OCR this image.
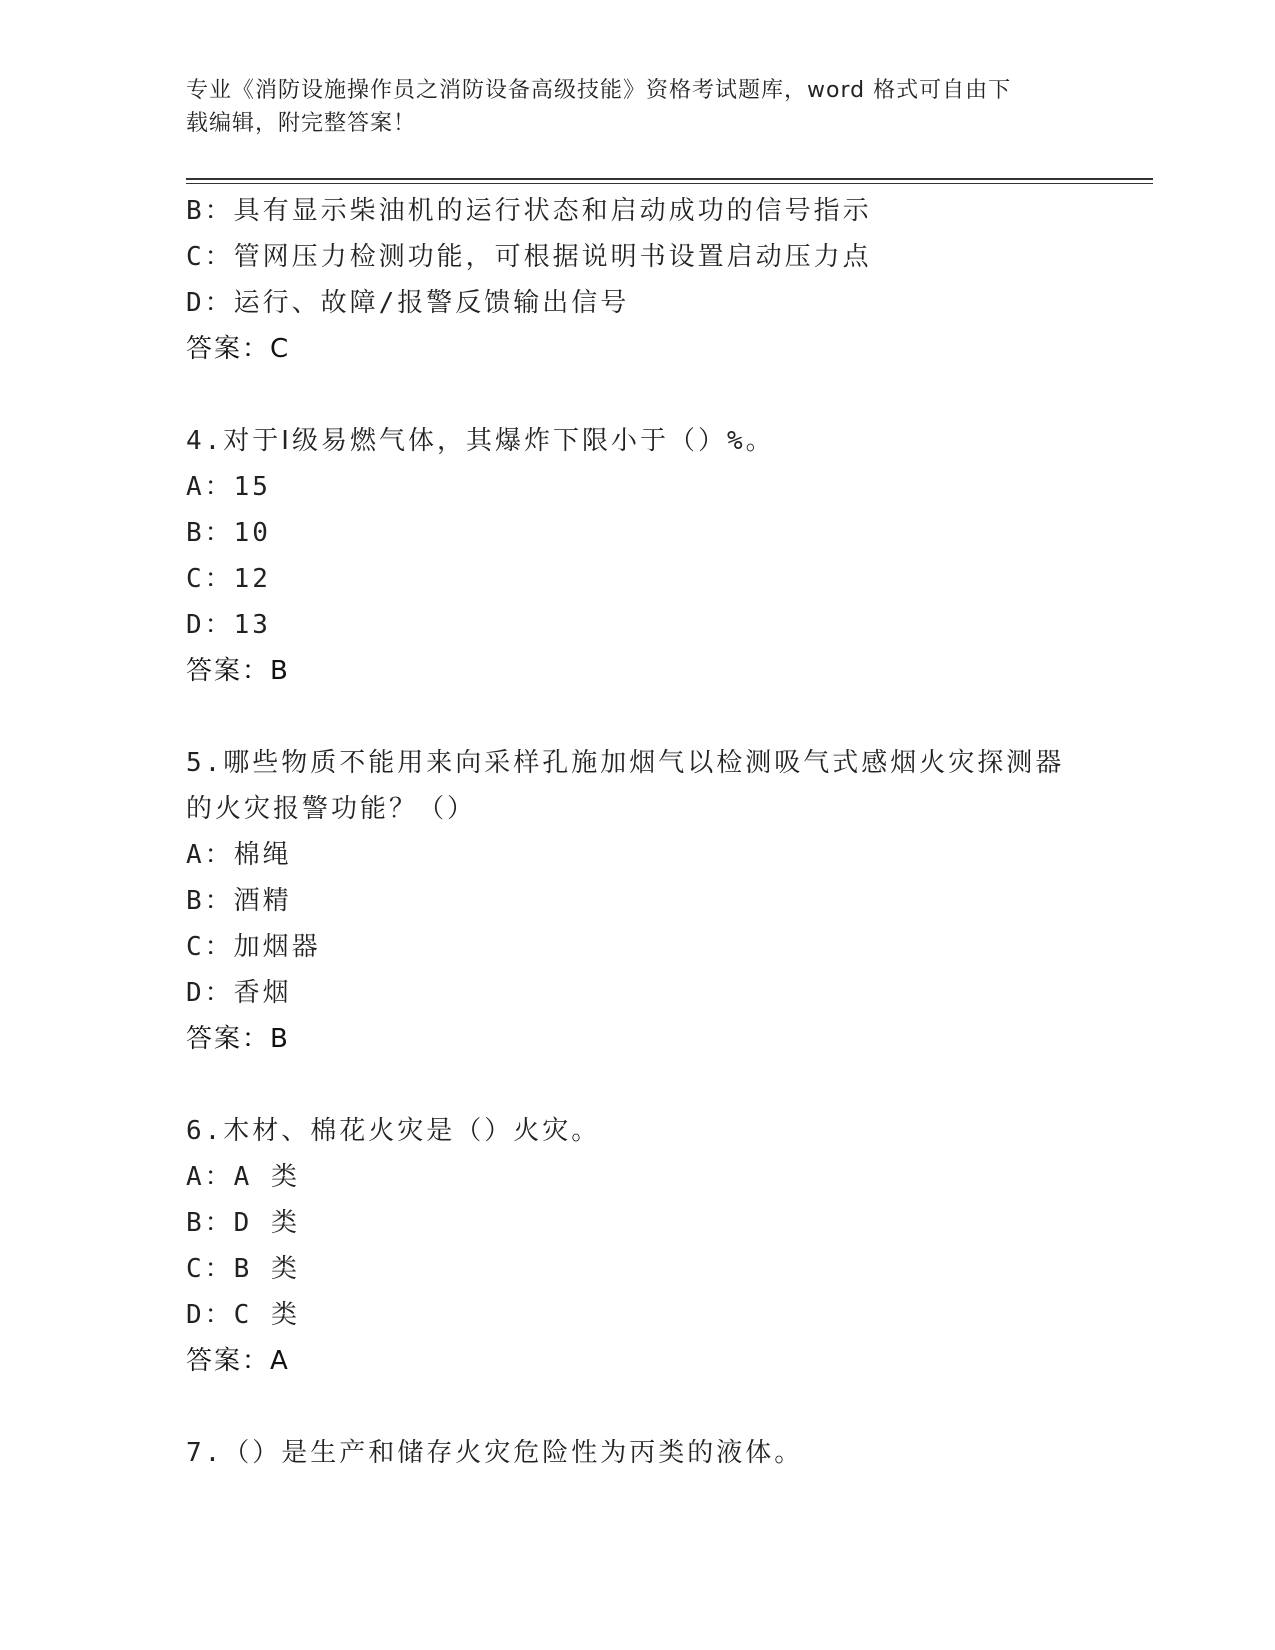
专业《消防设施操作员之消防设备高级技能》资格考试题库，word 格式可自由下
载编辑，附完整答案！
B：具有显示柴油机的运行状态和启动成功的信号指示
C：管网压力检测功能，可根据说明书设置启动压力点
D：运行、故障/报警反馈输出信号
答案：C
4.对于Ⅰ级易燃气体，其爆炸下限小于（）%。
A：15
B：10
C：12
D：13
答案：B
5.哪些物质不能用来向采样孔施加烟气以检测吸气式感烟火灾探测器
的火灾报警功能？（）
A：棉绳
B：酒精
C：加烟器
D：香烟
答案：B
6.木材、棉花火灾是（）火灾。
A：A 类
B：D 类
C：B 类
D：C 类
答案：A
7.（）是生产和储存火灾危险性为丙类的液体。
